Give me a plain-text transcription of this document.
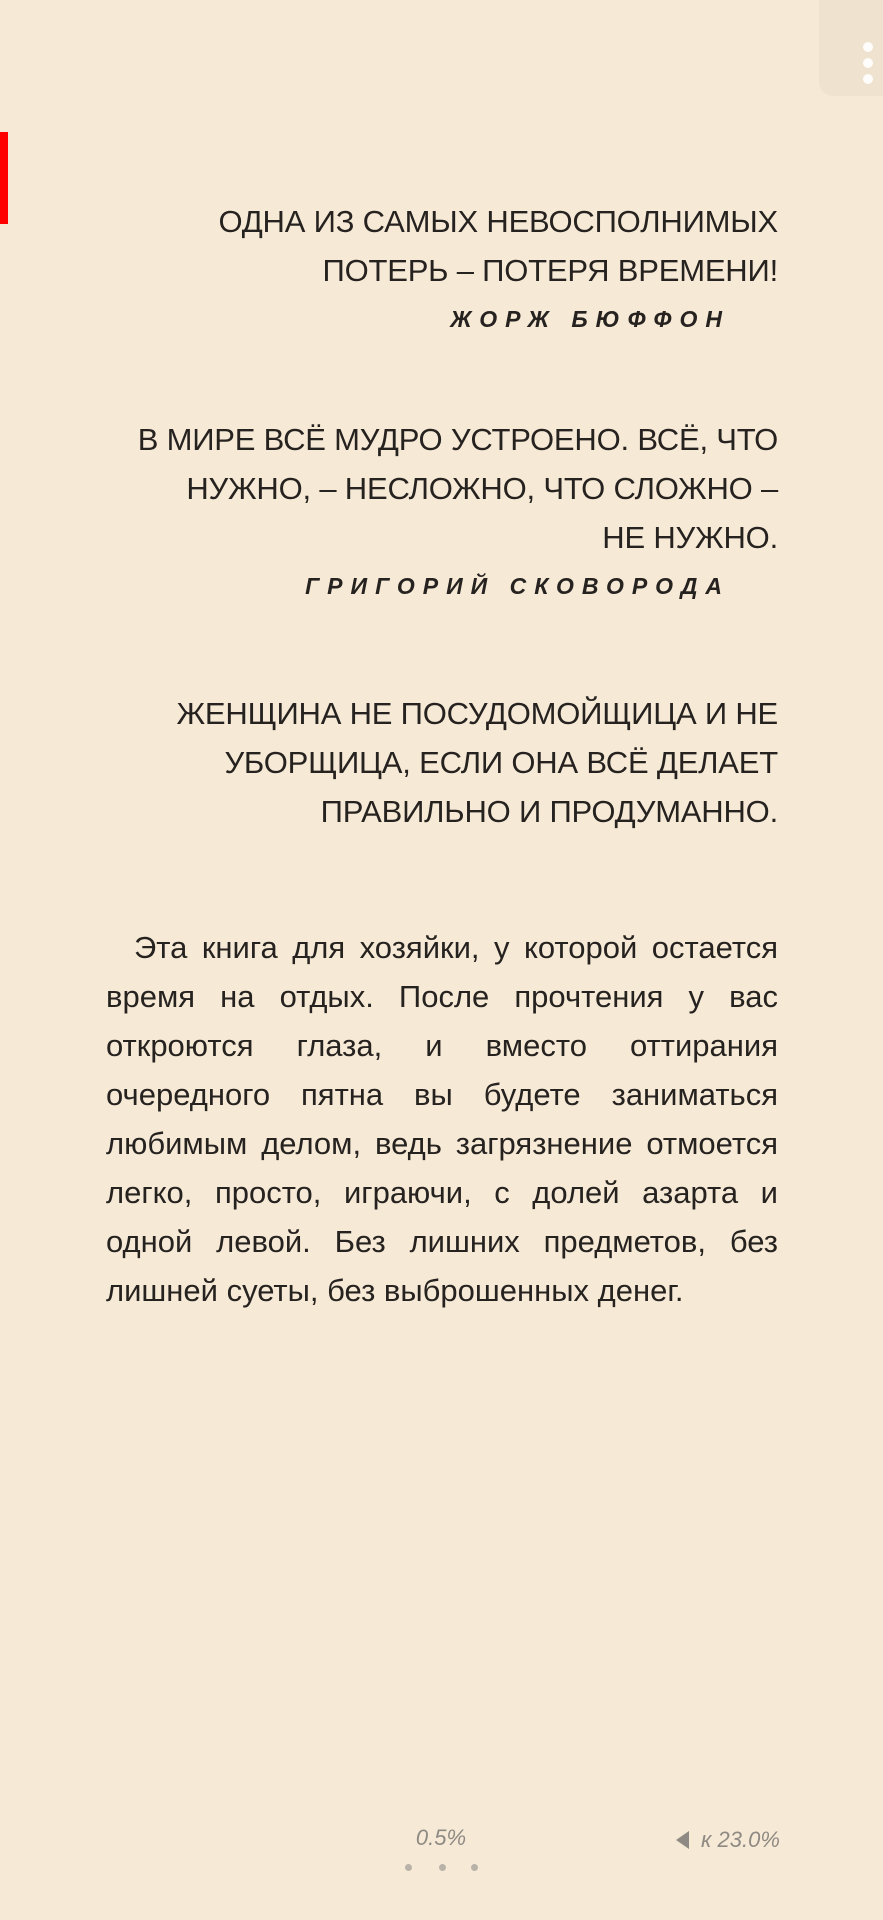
ОДНА ИЗ САМЫХ НЕВОСПОЛНИМЫХ
ПОТЕРЬ – ПОТЕРЯ ВРЕМЕНИ!
ЖОРЖ БЮФФОН
В МИРЕ ВСЁ МУДРО УСТРОЕНО. ВСЁ, ЧТО
НУЖНО, – НЕСЛОЖНО, ЧТО СЛОЖНО –
НЕ НУЖНО.
ГРИГОРИЙ СКОВОРОДА
ЖЕНЩИНА НЕ ПОСУДОМОЙЩИЦА И НЕ
УБОРЩИЦА, ЕСЛИ ОНА ВСЁ ДЕЛАЕТ
ПРАВИЛЬНО И ПРОДУМАННО.

Эта книга для хозяйки, у которой остается время на отдых. После прочтения у вас откроются глаза, и вместо оттирания очередного пятна вы будете заниматься любимым делом, ведь загрязнение отмоется легко, просто, играючи, с долей азарта и одной левой. Без лишних предметов, без лишней суеты, без выброшенных денег.

0.5%	к 23.0%
